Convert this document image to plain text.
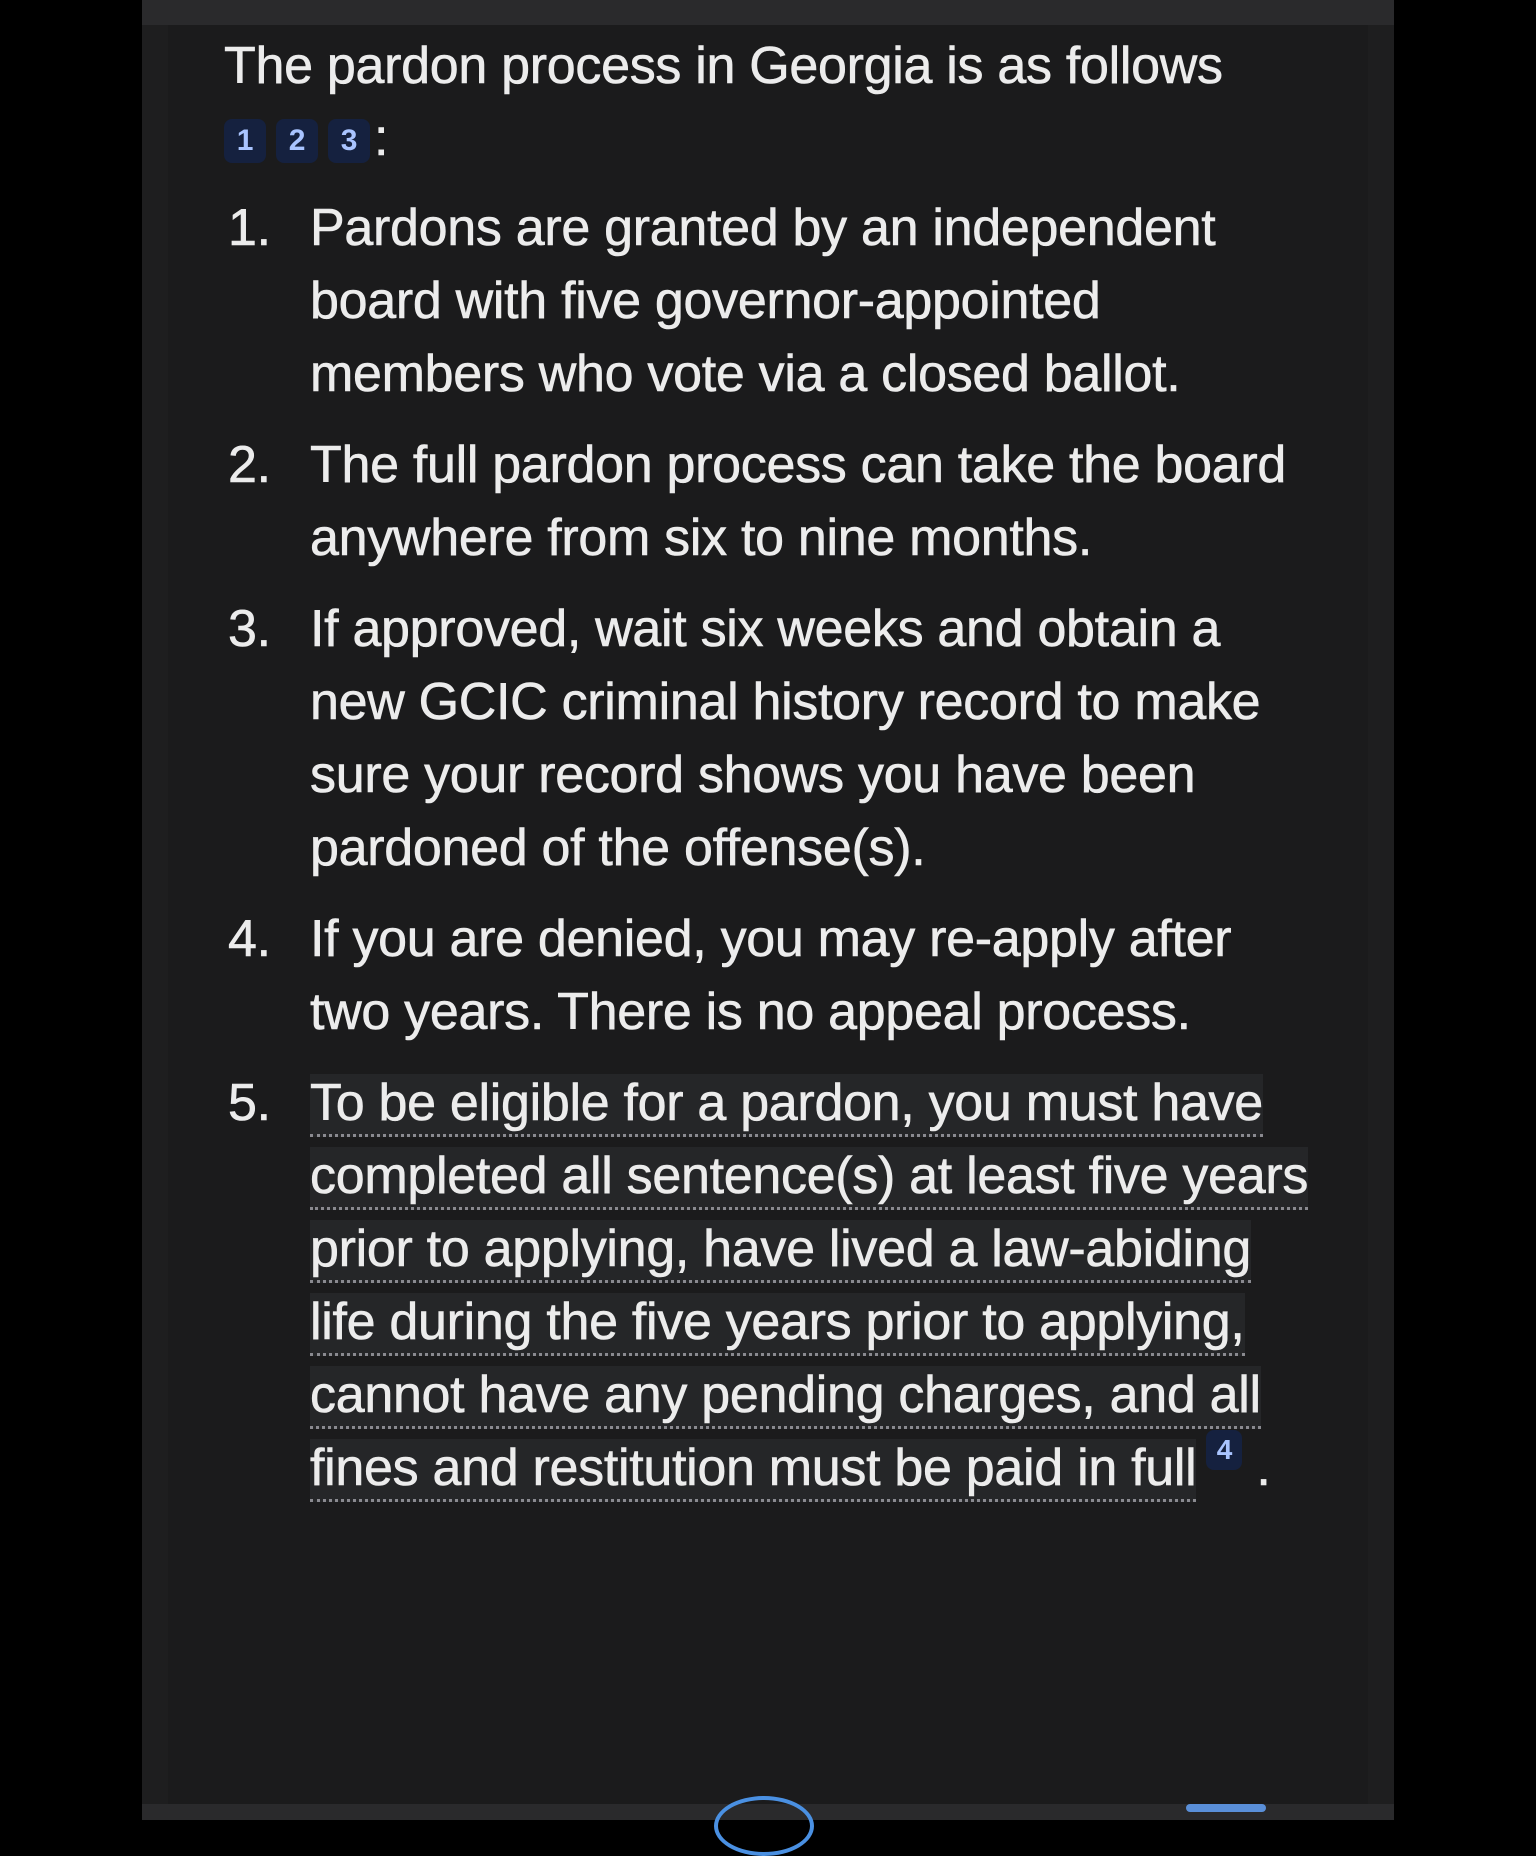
The pardon process in Georgia is as follows

1	2	3 :

1. Pardons are granted by an independent board with five governor-appointed members who vote via a closed ballot.
2. The full pardon process can take the board anywhere from six to nine months.
3. If approved, wait six weeks and obtain a new GCIC criminal history record to make sure your record shows you have been pardoned of the offense(s).
4. If you are denied, you may re-apply after two years. There is no appeal process.
5. To be eligible for a pardon, you must have completed all sentence(s) at least five years prior to applying, have lived a law-abiding life during the five years prior to applying, cannot have any pending charges, and all fines and restitution must be paid in full 4 .
